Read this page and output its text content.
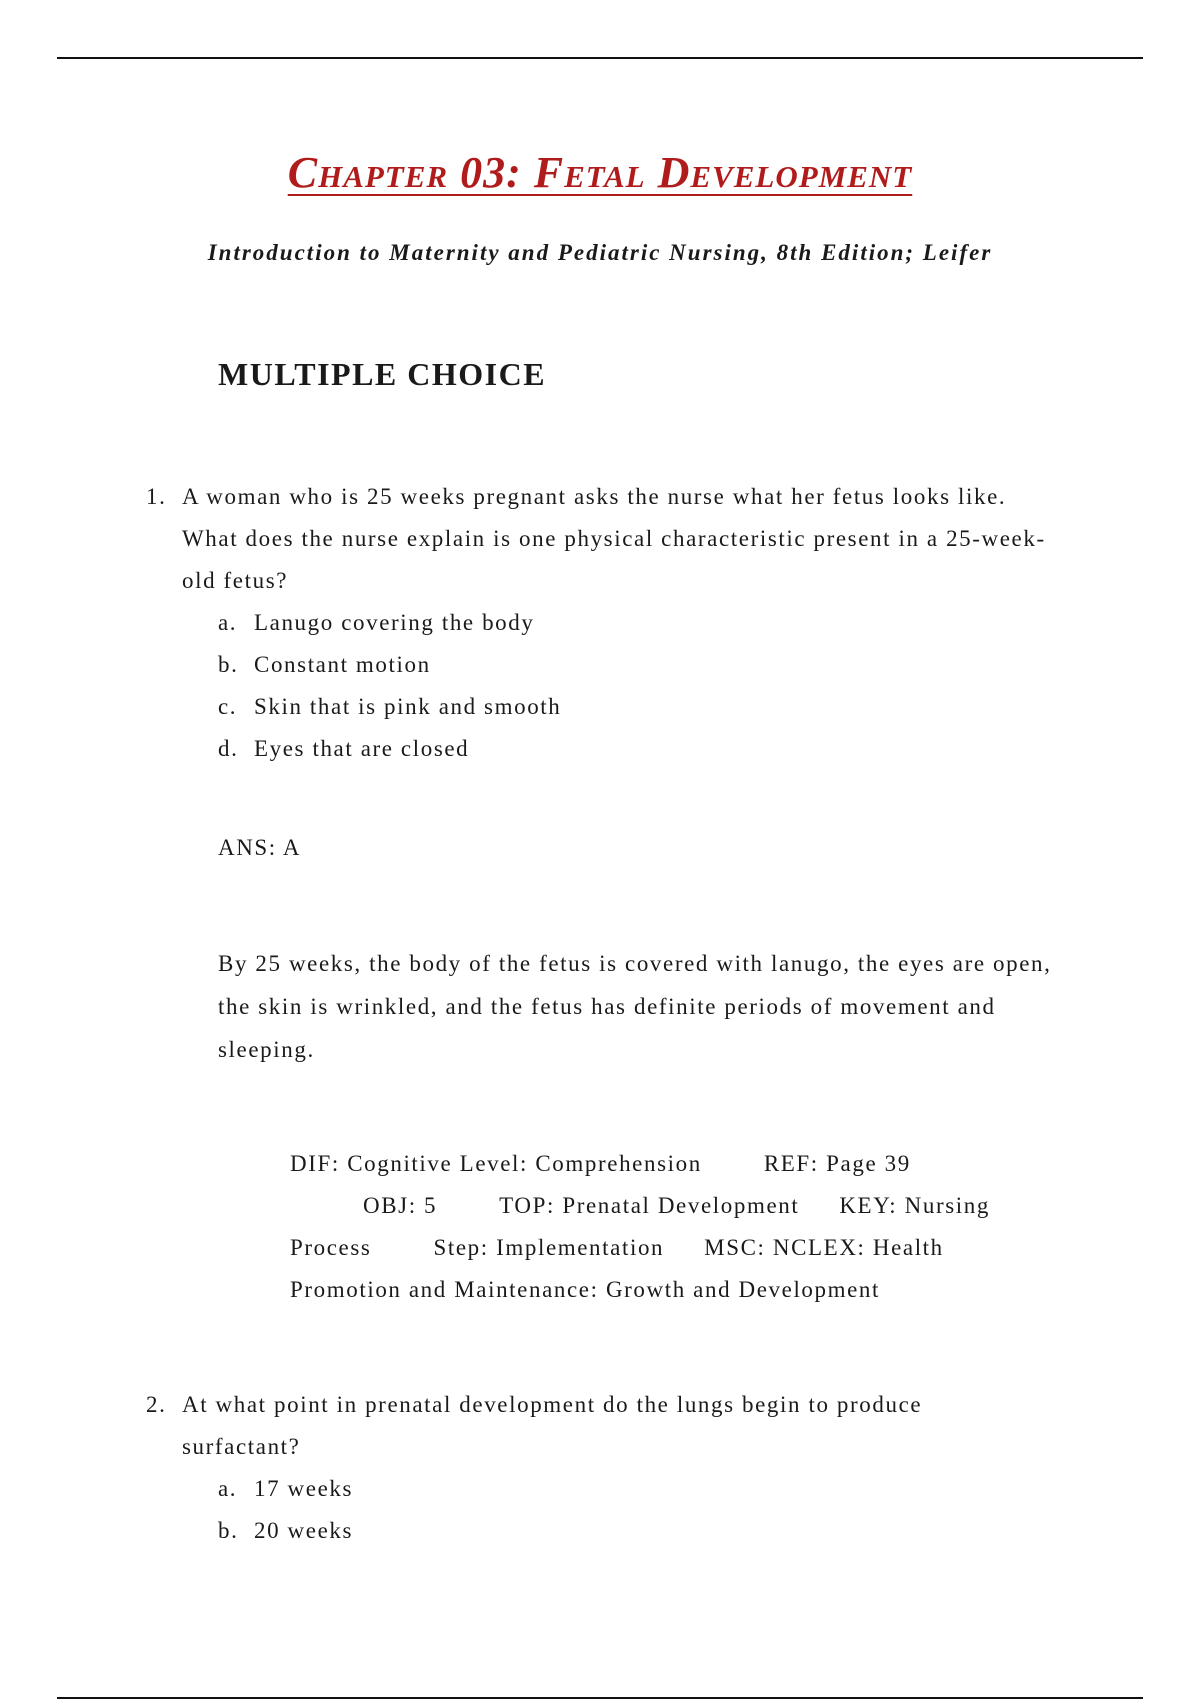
Chapter 03: Fetal Development
Introduction to Maternity and Pediatric Nursing, 8th Edition; Leifer
MULTIPLE CHOICE
1. A woman who is 25 weeks pregnant asks the nurse what her fetus looks like. What does the nurse explain is one physical characteristic present in a 25-week-old fetus?
a. Lanugo covering the body
b. Constant motion
c. Skin that is pink and smooth
d. Eyes that are closed
ANS: A
By 25 weeks, the body of the fetus is covered with lanugo, the eyes are open, the skin is wrinkled, and the fetus has definite periods of movement and sleeping.
DIF: Cognitive Level: Comprehension	REF: Page 39
OBJ: 5	TOP: Prenatal Development KEY: Nursing
Process	Step: Implementation MSC: NCLEX: Health
Promotion and Maintenance: Growth and Development
2. At what point in prenatal development do the lungs begin to produce surfactant?
a. 17 weeks
b. 20 weeks
